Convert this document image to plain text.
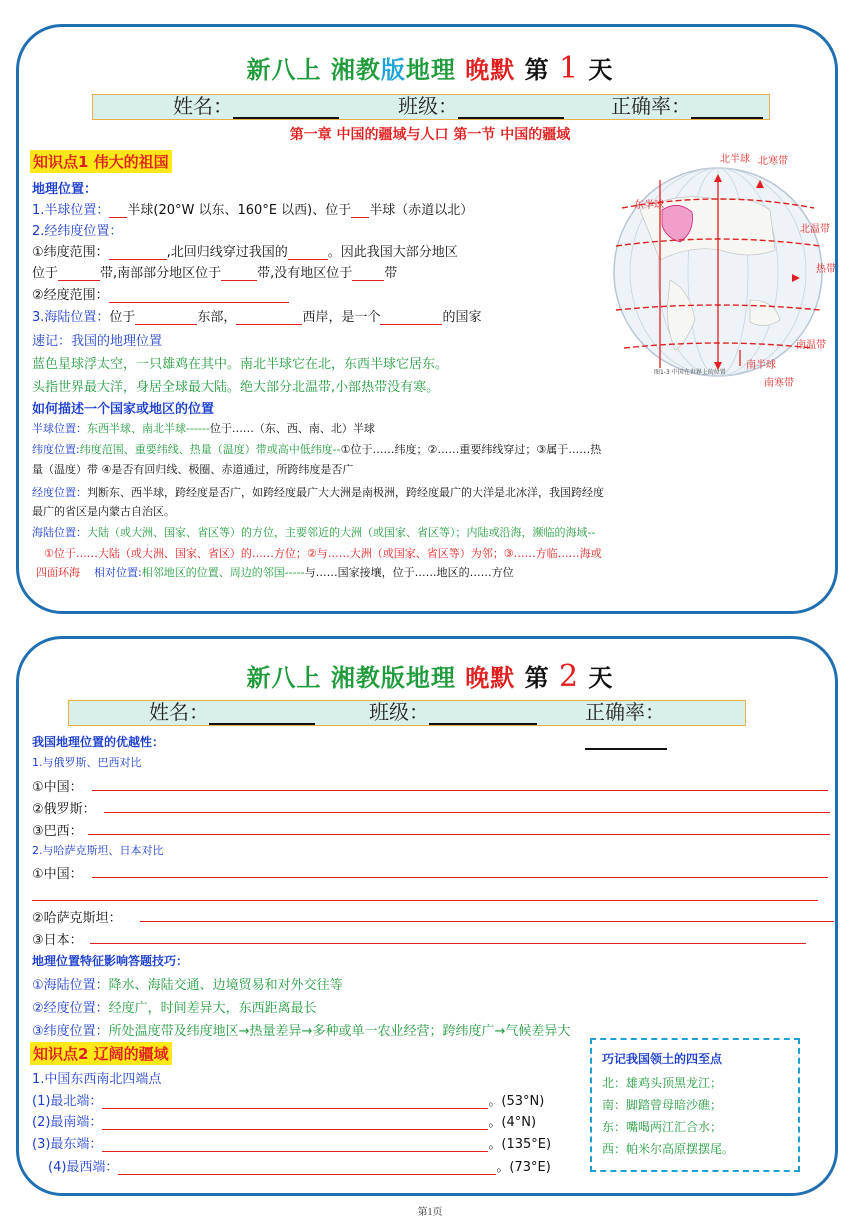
新八上 湘教版地理 晚默 第 1 天
姓名：	班级：	正确率：
第一章 中国的疆域与人口 第一节 中国的疆域
知识点1 伟大的祖国
地理位置：
1.半球位置： 半球(20°W 以东、160°E 以西)、位于 半球（赤道以北）
2.经纬度位置：
①纬度范围：	,北回归线穿过我国的	。因此我国大部分地区
位于	带,南部部分地区位于	带,没有地区位于 带
②经度范围：
3.海陆位置：位于	东部，	西岸，是一个	的国家
速记：我国的地理位置
蓝色星球浮太空，一只雄鸡在其中。南北半球它在北，东西半球它居东。
头指世界最大洋，身居全球最大陆。绝大部分北温带,小部热带没有寒。
如何描述一个国家或地区的位置
半球位置：东西半球、南北半球------位于……（东、西、南、北）半球
纬度位置:纬度范围、重要纬线、热量（温度）带或高中低纬度--①位于……纬度；②……重要纬线穿过；③属于……热
量（温度）带 ④是否有回归线、极圈、赤道通过，所跨纬度是否广
经度位置：判断东、西半球，跨经度是否广，如跨经度最广大大洲是南极洲，跨经度最广的大洋是北冰洋，我国跨经度
最广的省区是内蒙古自治区。
海陆位置：大陆（或大洲、国家、省区等）的方位，主要邻近的大洲（或国家、省区等）；内陆或沿海，濒临的海域--
①位于……大陆（或大洲、国家、省区）的……方位；②与……大洲（或国家、省区等）为邻；③……方临……海或
四面环海 相对位置:相邻地区的位置、周边的邻国-----与……国家接壤，位于……地区的……方位
北半球 北寒带
北温带
东半球
热带
南温带
南半球
南寒带
图1-3 中国在世界上的位置
新八上 湘教版地理 晚默 第 2 天
姓名：	班级：	正确率：
我国地理位置的优越性：
1.与俄罗斯、巴西对比
①中国：
②俄罗斯：
③巴西：
2.与哈萨克斯坦、日本对比
①中国：
②哈萨克斯坦：
③日本：
地理位置特征影响答题技巧：
①海陆位置：降水、海陆交通、边境贸易和对外交往等
②经度位置：经度广，时间差异大，东西距离最长
③纬度位置：所处温度带及纬度地区→热量差异→多种或单一农业经营；跨纬度广→气候差异大
知识点2 辽阔的疆域
1.中国东西南北四端点
(1)最北端：	。(53°N)
(2)最南端：	。(4°N)
(3)最东端：	。(135°E)
(4)最西端：	。(73°E)
巧记我国领土的四至点
北：雄鸡头顶黑龙江；
南：脚踏曾母暗沙礁；
东：嘴喝两江汇合水；
西：帕米尔高原摆摆尾。
第1页
